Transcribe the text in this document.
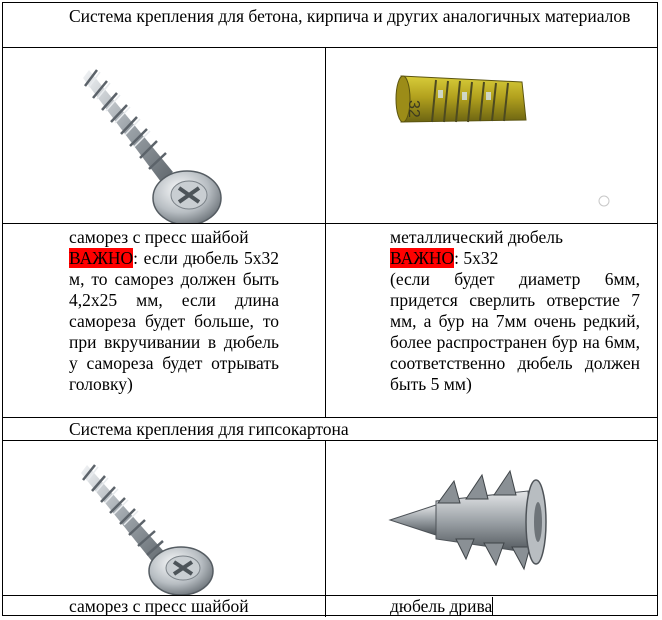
Система крепления для бетона, кирпича и других аналогичных материалов
32
саморез с пресс шайбой
ВАЖНО: если дюбель 5х32 м, то саморез должен быть 4,2х25 мм, если длина самореза будет больше, то при вкручивании в дюбель у самореза будет отрывать головку)
металлический дюбель
ВАЖНО: 5х32
(если будет диаметр 6мм, придется сверлить отверстие 7 мм, а бур на 7мм очень редкий, более распространен бур на 6мм, соответственно дюбель должен быть 5 мм)
Система крепления для гипсокартона
саморез с пресс шайбой	дюбель дрива
